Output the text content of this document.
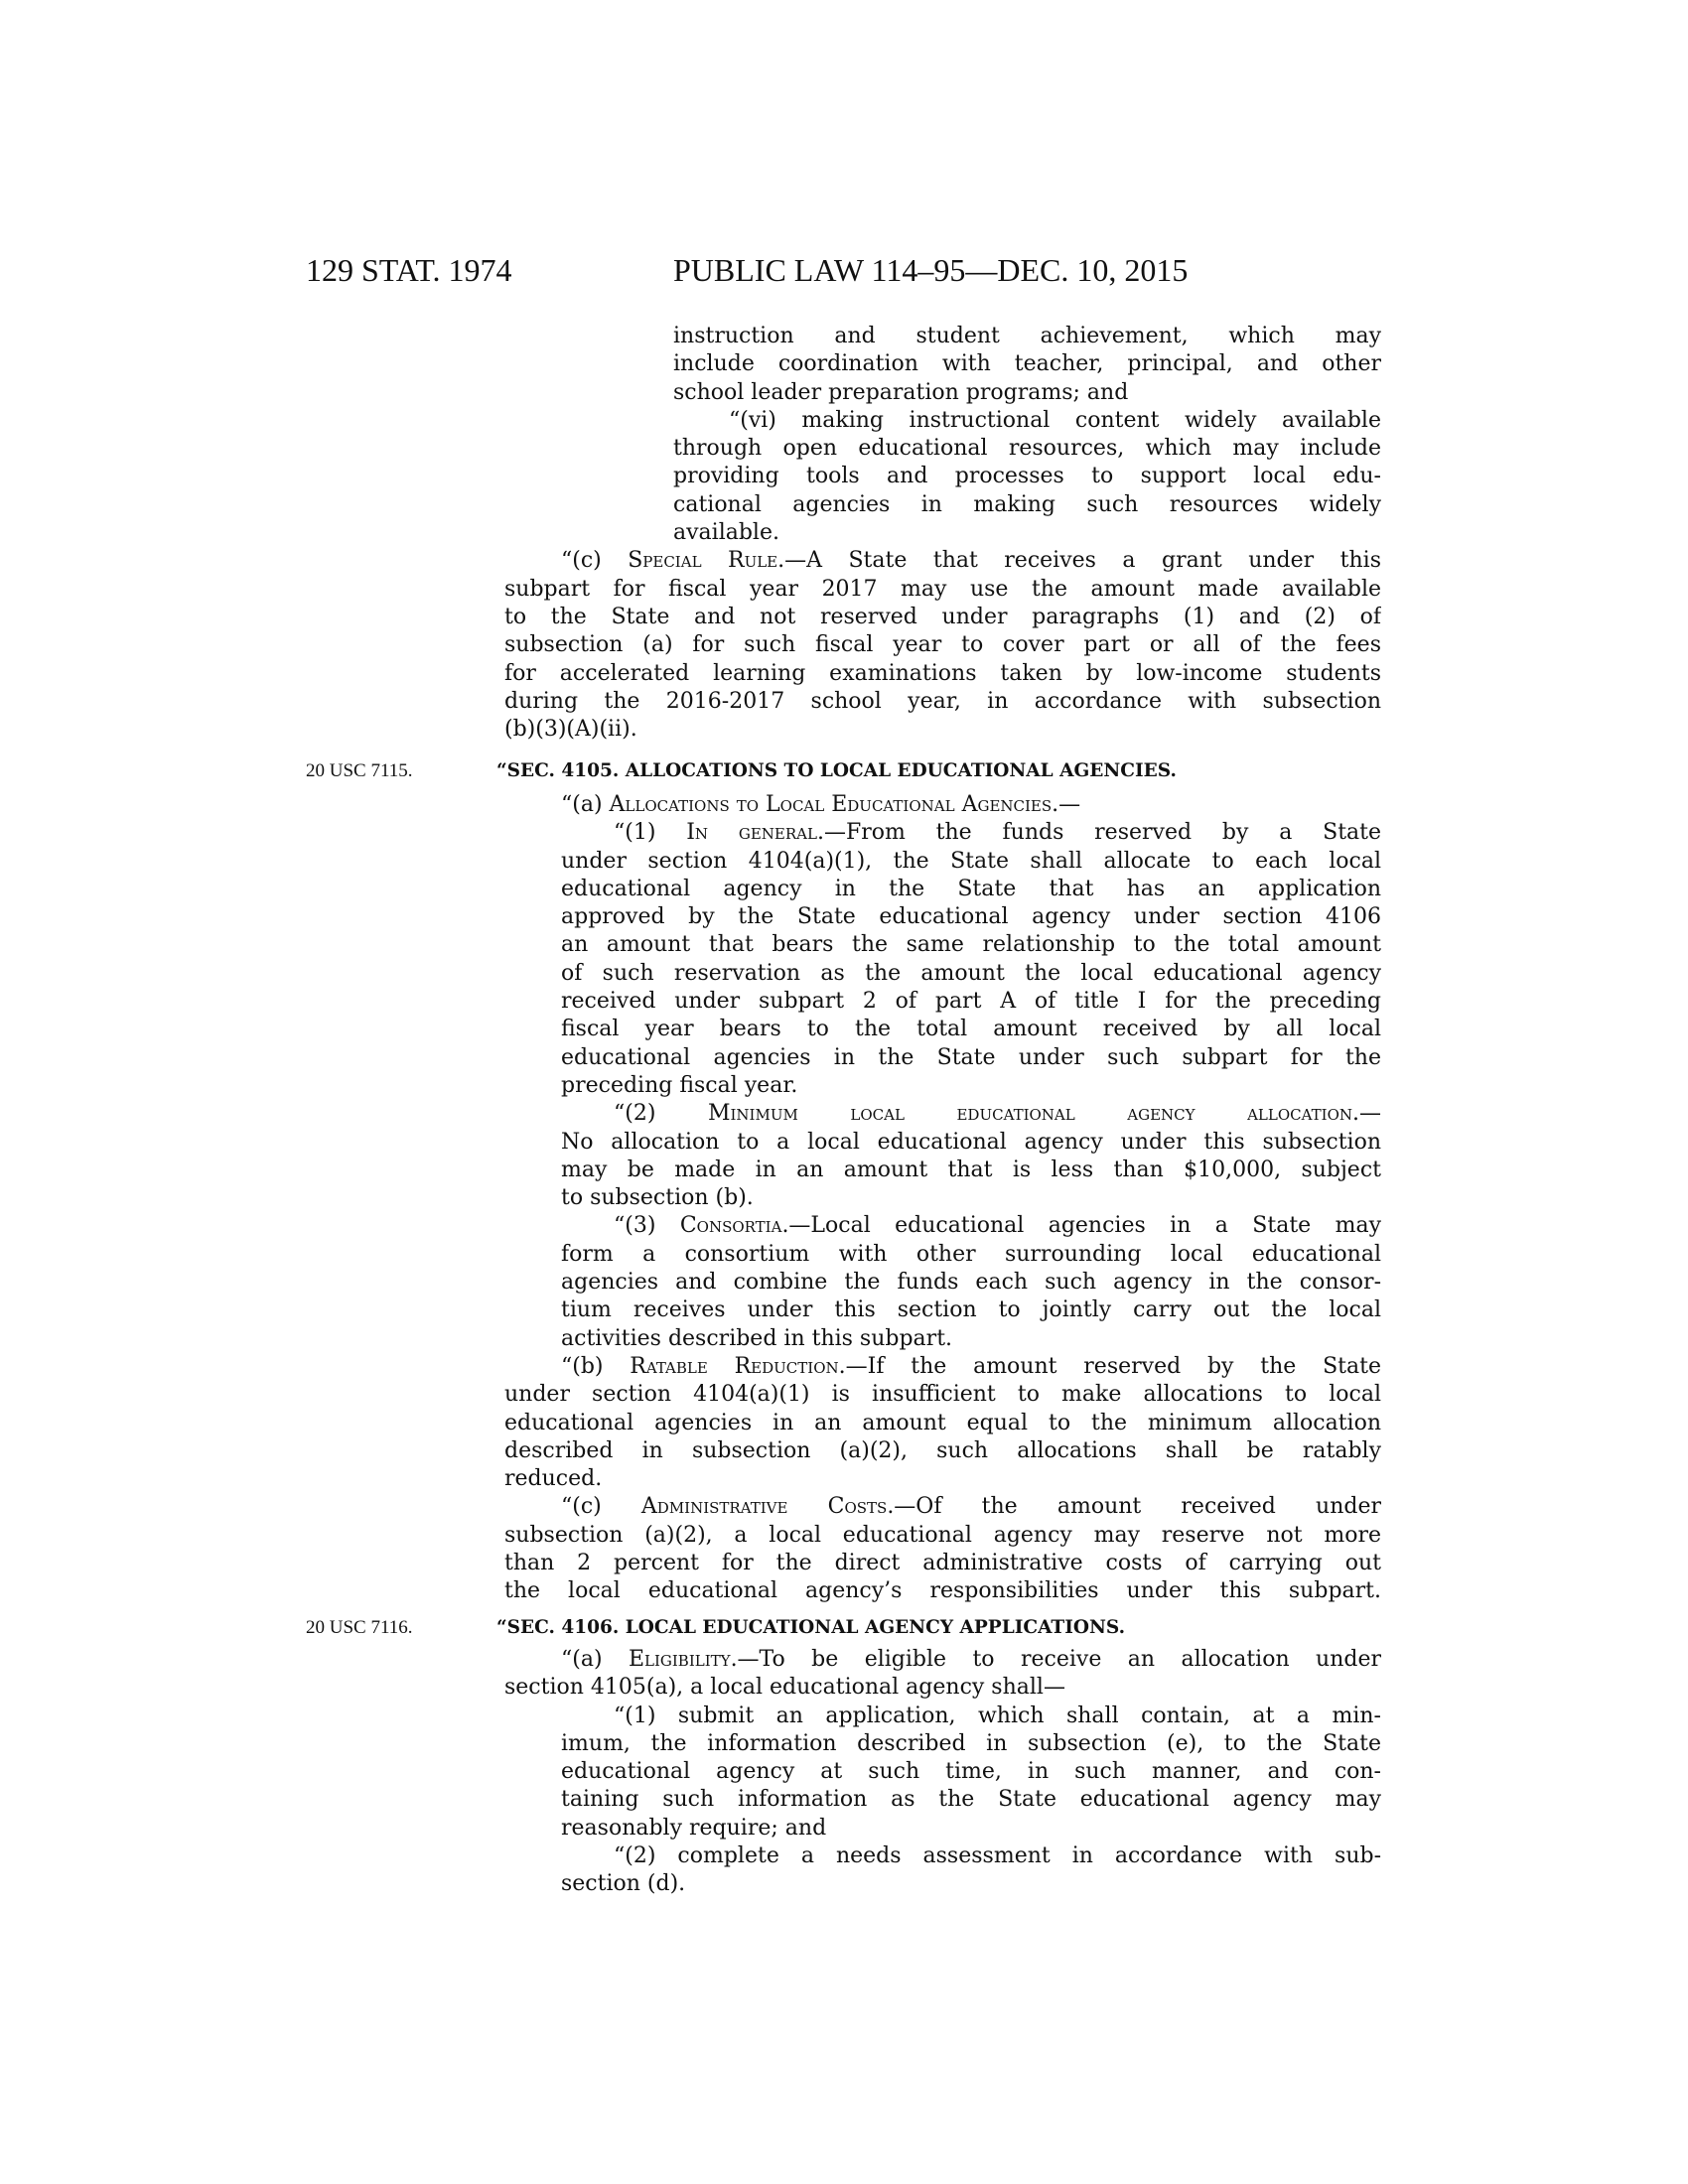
129 STAT. 1974	PUBLIC LAW 114–95—DEC. 10, 2015
instruction and student achievement, which may
include coordination with teacher, principal, and other
school leader preparation programs; and
“(vi) making instructional content widely available
through open educational resources, which may include
providing tools and processes to support local edu-
cational agencies in making such resources widely
available.
“(c) Special Rule.—A State that receives a grant under this
subpart for fiscal year 2017 may use the amount made available
to the State and not reserved under paragraphs (1) and (2) of
subsection (a) for such fiscal year to cover part or all of the fees
for accelerated learning examinations taken by low-income students
during the 2016-2017 school year, in accordance with subsection
(b)(3)(A)(ii).
20 USC 7115.	“SEC. 4105. ALLOCATIONS TO LOCAL EDUCATIONAL AGENCIES.
“(a) Allocations to Local Educational Agencies.—
“(1) In general.—From the funds reserved by a State
under section 4104(a)(1), the State shall allocate to each local
educational agency in the State that has an application
approved by the State educational agency under section 4106
an amount that bears the same relationship to the total amount
of such reservation as the amount the local educational agency
received under subpart 2 of part A of title I for the preceding
fiscal year bears to the total amount received by all local
educational agencies in the State under such subpart for the
preceding fiscal year.
“(2) Minimum local educational agency allocation.—
No allocation to a local educational agency under this subsection
may be made in an amount that is less than $10,000, subject
to subsection (b).
“(3) Consortia.—Local educational agencies in a State may
form a consortium with other surrounding local educational
agencies and combine the funds each such agency in the consor-
tium receives under this section to jointly carry out the local
activities described in this subpart.
“(b) Ratable Reduction.—If the amount reserved by the State
under section 4104(a)(1) is insufficient to make allocations to local
educational agencies in an amount equal to the minimum allocation
described in subsection (a)(2), such allocations shall be ratably
reduced.
“(c) Administrative Costs.—Of the amount received under
subsection (a)(2), a local educational agency may reserve not more
than 2 percent for the direct administrative costs of carrying out
the local educational agency’s responsibilities under this subpart.
20 USC 7116.	“SEC. 4106. LOCAL EDUCATIONAL AGENCY APPLICATIONS.
“(a) Eligibility.—To be eligible to receive an allocation under
section 4105(a), a local educational agency shall—
“(1) submit an application, which shall contain, at a min-
imum, the information described in subsection (e), to the State
educational agency at such time, in such manner, and con-
taining such information as the State educational agency may
reasonably require; and
“(2) complete a needs assessment in accordance with sub-
section (d).
